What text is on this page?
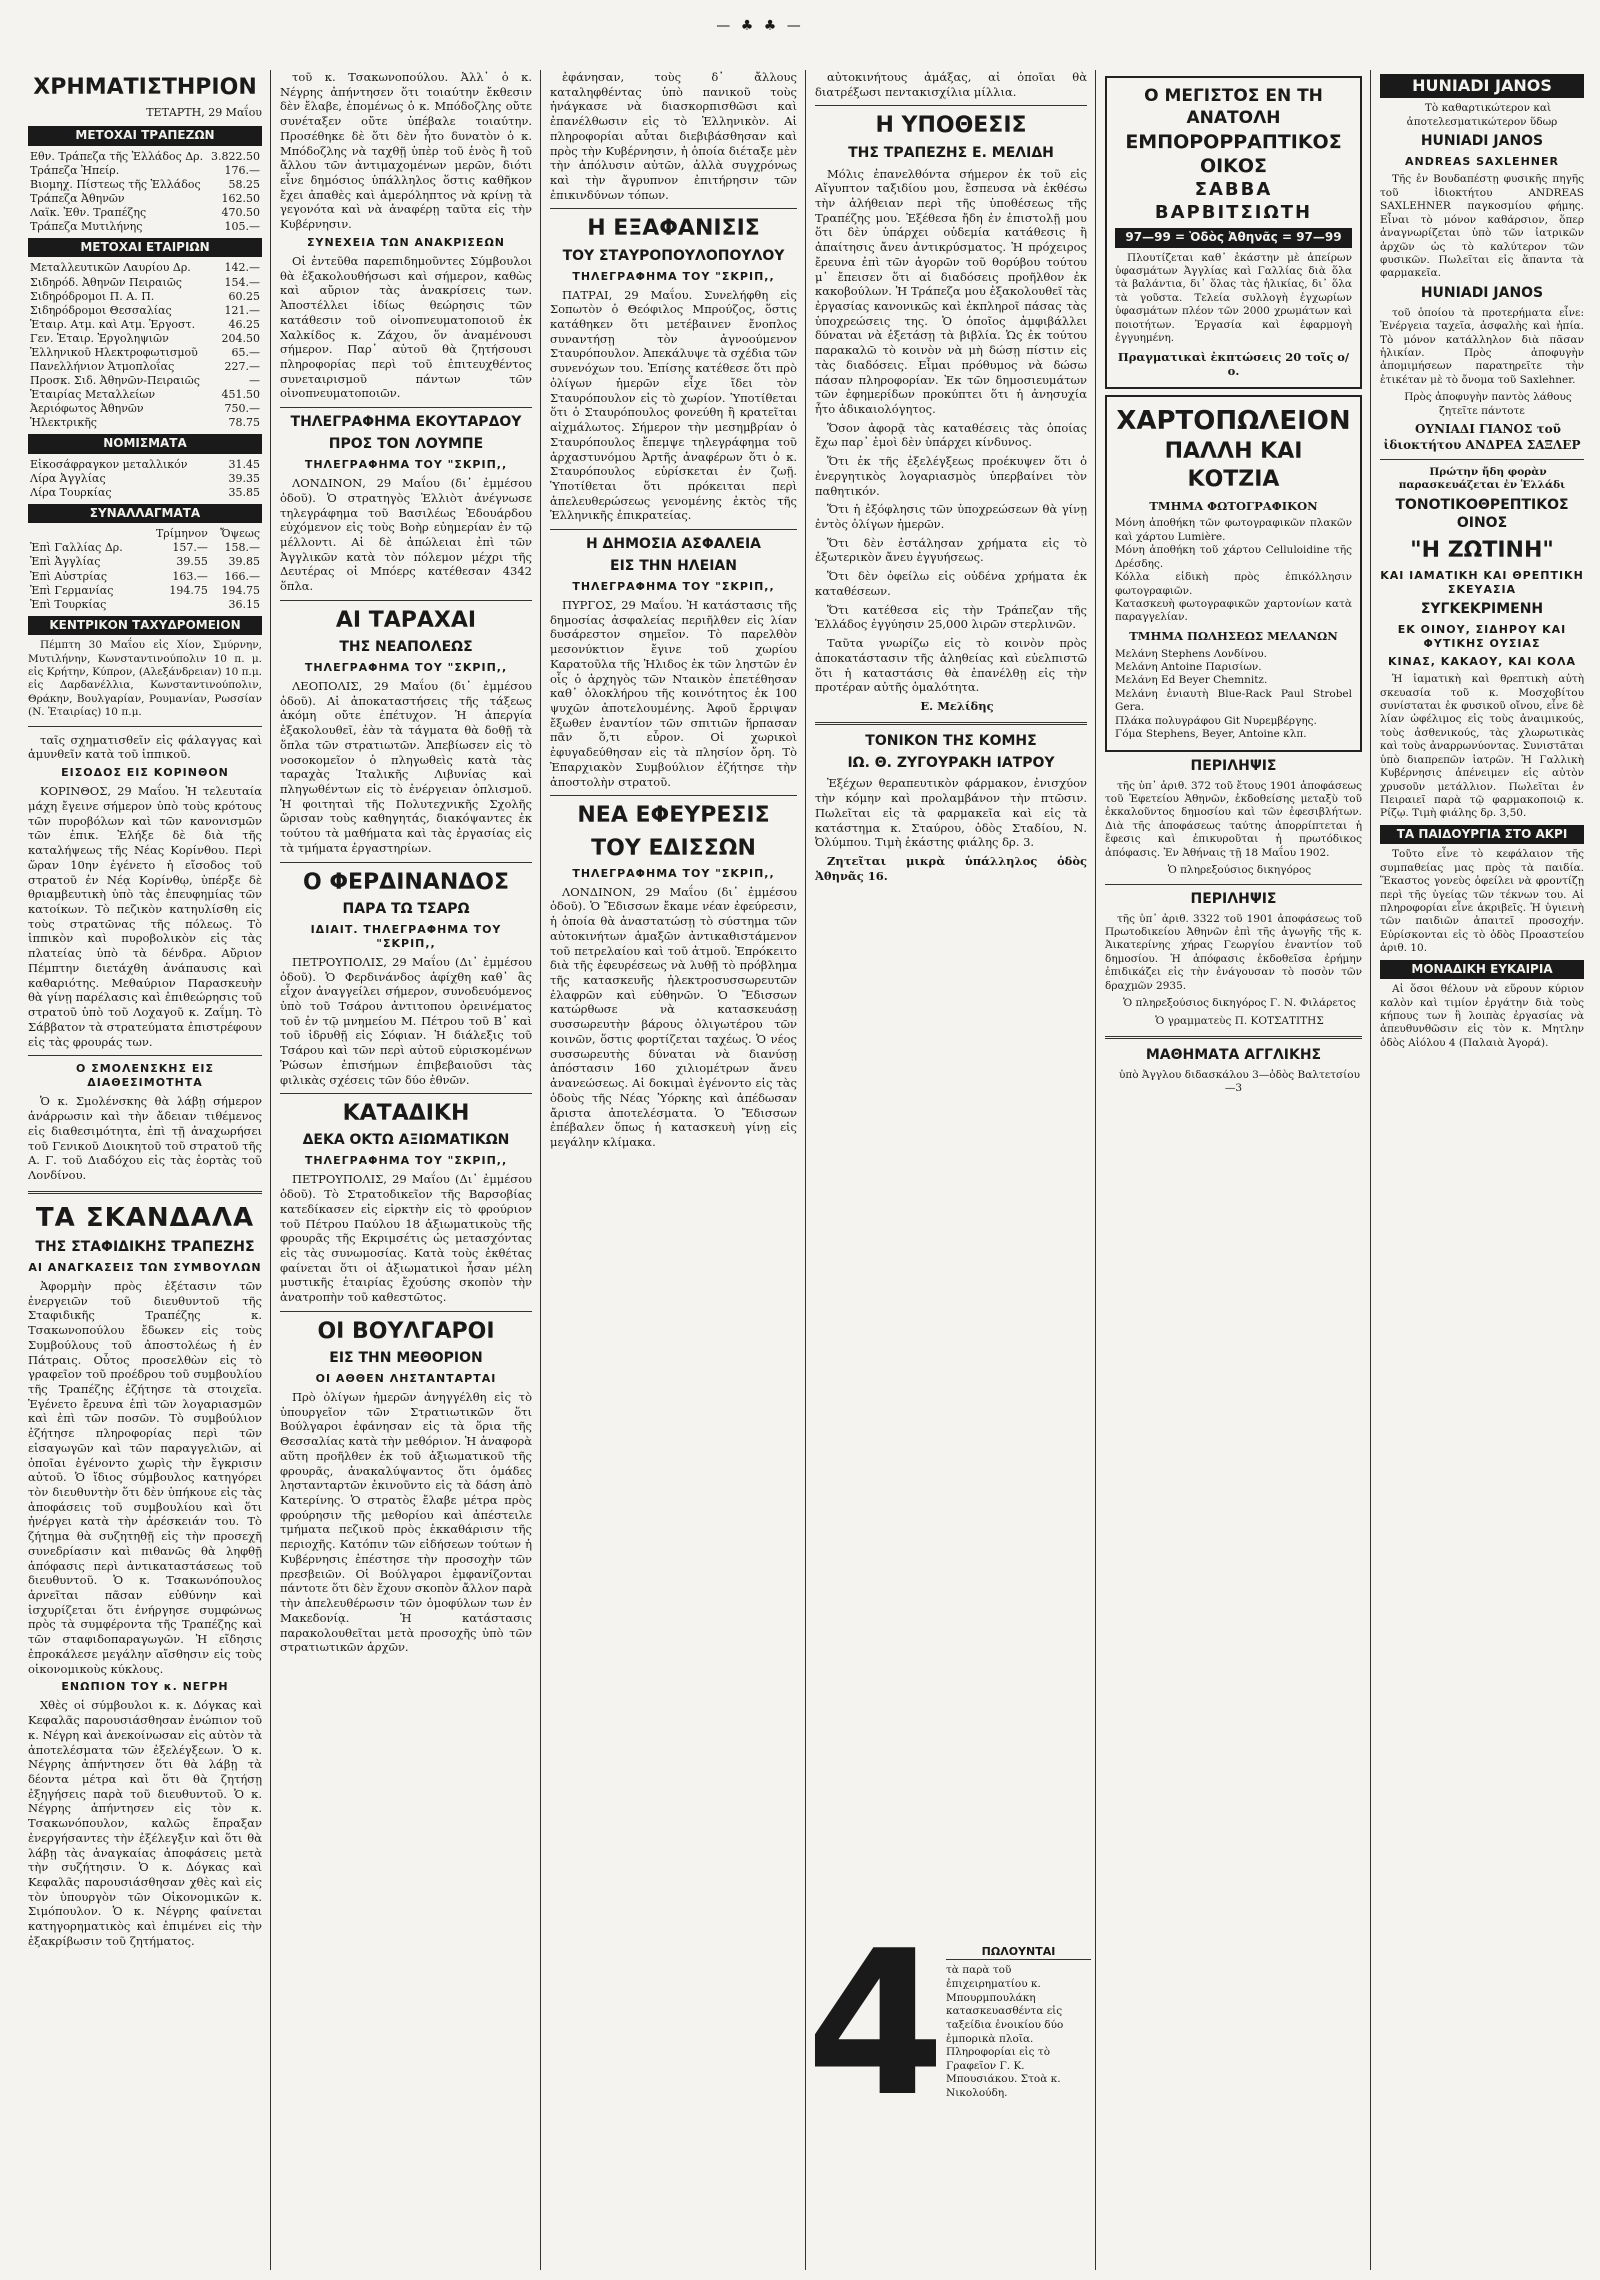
— ♣ ♣ —
ΧΡΗΜΑΤΙΣΤΗΡΙΟΝ
ΤΕΤΑΡΤΗ, 29 Μαΐου
ΜΕΤΟΧΑΙ ΤΡΑΠΕΖΩΝ
Εθν. Τράπεζα τῆς Ἑλλάδος Δρ.	3.822.50
Τράπεζα Ἠπείρ.	176.—
Βιομηχ. Πίστεως τῆς Ἑλλάδος	58.25
Τράπεζα Ἀθηνῶν	162.50
Λαϊκ. Ἐθν. Τραπέζης	470.50
Τράπεζα Μυτιλήνης	105.—
ΜΕΤΟΧΑΙ ΕΤΑΙΡΙΩΝ
Μεταλλευτικῶν Λαυρίου Δρ.	142.—
Σιδηρόδ. Ἀθηνῶν Πειραιῶς	154.—
Σιδηρόδρομοι Π. Α. Π.	60.25
Σιδηρόδρομοι Θεσσαλίας	121.—
Ἑταιρ. Ατμ. καὶ Ατμ. Ἐργοστ.	46.25
Γεν. Ἑταιρ. Ἐργοληψιῶν	204.50
Ἑλληνικοῦ Ηλεκτροφωτισμοῦ	65.—
Πανελλήνιον Ἀτμοπλοΐας	227.—
Προσκ. Σιδ. Ἀθηνῶν-Πειραιῶς	—
Ἑταιρίας Μεταλλείων	451.50
Ἀεριόφωτος Ἀθηνῶν	750.—
Ἡλεκτρικῆς	78.75
ΝΟΜΙΣΜΑΤΑ
Εἰκοσάφραγκον μεταλλικόν	31.45
Λίρα Ἀγγλίας	39.35
Λίρα Τουρκίας	35.85
ΣΥΝΑΛΛΑΓΜΑΤΑ
	Τρίμηνον	Ὄψεως
Ἐπὶ Γαλλίας Δρ.	157.—	158.—
Ἐπὶ Ἀγγλίας	39.55	39.85
Ἐπὶ Αὐστρίας	163.—	166.—
Ἐπὶ Γερμανίας	194.75	194.75
Ἐπὶ Τουρκίας		36.15
ΚΕΝΤΡΙΚΟΝ ΤΑΧΥΔΡΟΜΕΙΟΝ

Πέμπτη 30 Μαΐου εἰς Χίον, Σμύρνην, Μυτιλήνην, Κωνσταντινούπολιν 10 π. μ. εἰς Κρήτην, Κύπρον, (Αλεξάνδρειαν) 10 π.μ. εἰς Δαρδανέλλια, Κωνσταντινούπολιν, Θράκην, Βουλγαρίαν, Ρουμανίαν, Ρωσσίαν (Ν. Ἐταιρίας) 10 π.μ.

ταῖς σχηματισθεῖν εἰς φάλαγγας καὶ ἀμυνθεῖν κατὰ τοῦ ἱππικοῦ.

ΕΙΣΟΔΟΣ ΕΙΣ ΚΟΡΙΝΘΟΝ

ΚΟΡΙΝΘΟΣ, 29 Μαΐου. Ἡ τελευταία μάχη ἔγεινε σήμερον ὑπὸ τοὺς κρότους τῶν πυροβόλων καὶ τῶν κανονισμῶν τῶν ἐπικ. Ἐλήξε δὲ διὰ τῆς καταλήψεως τῆς Νέας Κορίνθου. Περὶ ὥραν 10ην ἐγένετο ἡ εἴσοδος τοῦ στρατοῦ ἐν Νέᾳ Κορίνθῳ, ὑπέρξε δὲ θριαμβευτικὴ ὑπὸ τὰς ἐπευφημίας τῶν κατοίκων. Τὸ πεζικὸν κατηυλίσθη εἰς τοὺς στρατῶνας τῆς πόλεως. Τὸ ἱππικὸν καὶ πυροβολικὸν εἰς τὰς πλατείας ὑπὸ τὰ δένδρα. Αὔριον Πέμπτην διετάχθη ἀνάπαυσις καὶ καθαριότης. Μεθαύριον Παρασκευὴν θὰ γίνῃ παρέλασις καὶ ἐπιθεώρησις τοῦ στρατοῦ ὑπὸ τοῦ Λοχαγοῦ κ. Ζαΐμη. Τὸ Σάββατον τὰ στρατεύματα ἐπιστρέφουν εἰς τὰς φρουράς των.

Ο ΣΜΟΛΕΝΣΚΗΣ ΕΙΣ ΔΙΑΘΕΣΙΜΟΤΗΤΑ

Ὁ κ. Σμολένσκης θὰ λάβῃ σήμερον ἀνάρρωσιν καὶ τὴν ἄδειαν τιθέμενος εἰς διαθεσιμότητα, ἐπὶ τῇ ἀναχωρήσει τοῦ Γενικοῦ Διοικητοῦ τοῦ στρατοῦ τῆς Α. Γ. τοῦ Διαδόχου εἰς τὰς ἑορτὰς τοῦ Λονδίνου.

ΤΑ ΣΚΑΝΔΑΛΑ
ΤΗΣ ΣΤΑΦΙΔΙΚΗΣ ΤΡΑΠΕΖΗΣ
ΑΙ ΑΝΑΓΚΑΣΕΙΣ ΤΩΝ ΣΥΜΒΟΥΛΩΝ

Ἀφορμὴν πρὸς ἐξέτασιν τῶν ἐνεργειῶν τοῦ διευθυντοῦ τῆς Σταφιδικῆς Τραπέζης κ. Τσακωνοπούλου ἔδωκεν εἰς τοὺς Συμβούλους τοῦ ἀποστολέως ἡ ἐν Πάτραις. Οὗτος προσελθὼν εἰς τὸ γραφεῖον τοῦ προέδρου τοῦ συμβουλίου τῆς Τραπέζης ἐζήτησε τὰ στοιχεῖα. Ἐγένετο ἔρευνα ἐπὶ τῶν λογαριασμῶν καὶ ἐπὶ τῶν ποσῶν. Τὸ συμβούλιον ἐζήτησε πληροφορίας περὶ τῶν εἰσαγωγῶν καὶ τῶν παραγγελιῶν, αἱ ὁποῖαι ἐγένοντο χωρὶς τὴν ἔγκρισιν αὐτοῦ. Ὁ ἴδιος σύμβουλος κατηγόρει τὸν διευθυντὴν ὅτι δὲν ὑπήκουε εἰς τὰς ἀποφάσεις τοῦ συμβουλίου καὶ ὅτι ἠνέργει κατὰ τὴν ἀρέσκειάν του. Τὸ ζήτημα θὰ συζητηθῇ εἰς τὴν προσεχῆ συνεδρίασιν καὶ πιθανῶς θὰ ληφθῇ ἀπόφασις περὶ ἀντικαταστάσεως τοῦ διευθυντοῦ. Ὁ κ. Τσακωνόπουλος ἀρνεῖται πᾶσαν εὐθύνην καὶ ἰσχυρίζεται ὅτι ἐνήργησε συμφώνως πρὸς τὰ συμφέροντα τῆς Τραπέζης καὶ τῶν σταφιδοπαραγωγῶν. Ἡ εἴδησις ἐπροκάλεσε μεγάλην αἴσθησιν εἰς τοὺς οἰκονομικοὺς κύκλους.

ΕΝΩΠΙΟΝ ΤΟΥ κ. ΝΕΓΡΗ

Χθὲς οἱ σύμβουλοι κ. κ. Δόγκας καὶ Κεφαλᾶς παρουσιάσθησαν ἐνώπιον τοῦ κ. Νέγρη καὶ ἀνεκοίνωσαν εἰς αὐτὸν τὰ ἀποτελέσματα τῶν ἐξελέγξεων. Ὁ κ. Νέγρης ἀπήντησεν ὅτι θὰ λάβῃ τὰ δέοντα μέτρα καὶ ὅτι θὰ ζητήσῃ ἐξηγήσεις παρὰ τοῦ διευθυντοῦ. Ὁ κ. Νέγρης ἀπήντησεν εἰς τὸν κ. Τσακωνόπουλον, καλῶς ἔπραξαν ἐνεργήσαντες τὴν ἐξέλεγξιν καὶ ὅτι θὰ λάβῃ τὰς ἀναγκαίας ἀποφάσεις μετὰ τὴν συζήτησιν. Ὁ κ. Δόγκας καὶ Κεφαλᾶς παρουσιάσθησαν χθὲς καὶ εἰς τὸν ὑπουργὸν τῶν Οἰκονομικῶν κ. Σιμόπουλον. Ὁ κ. Νέγρης φαίνεται κατηγορηματικὸς καὶ ἐπιμένει εἰς τὴν ἐξακρίβωσιν τοῦ ζητήματος.

τοῦ κ. Τσακωνοπούλου. Ἀλλ᾽ ὁ κ. Νέγρης ἀπήντησεν ὅτι τοιαύτην ἔκθεσιν δὲν ἔλαβε, ἑπομένως ὁ κ. Μπόδοζλης οὔτε συνέταξεν οὔτε ὑπέβαλε τοιαύτην. Προσέθηκε δὲ ὅτι δὲν ἦτο δυνατὸν ὁ κ. Μπόδοζλης νὰ ταχθῇ ὑπὲρ τοῦ ἑνὸς ἢ τοῦ ἄλλου τῶν ἀντιμαχομένων μερῶν, διότι εἶνε δημόσιος ὑπάλληλος ὅστις καθῆκον ἔχει ἀπαθὲς καὶ ἀμερόληπτος νὰ κρίνῃ τὰ γεγονότα καὶ νὰ ἀναφέρῃ ταῦτα εἰς τὴν Κυβέρνησιν.

ΣΥΝΕΧΕΙΑ ΤΩΝ ΑΝΑΚΡΙΣΕΩΝ

Οἱ ἐντεῦθα παρεπιδημοῦντες Σύμβουλοι θὰ ἐξακολουθήσωσι καὶ σήμερον, καθὼς καὶ αὔριον τὰς ἀνακρίσεις των. Ἀποστέλλει ἰδίως θεώρησις τῶν κατάθεσιν τοῦ οἰνοπνευματοποιοῦ ἐκ Χαλκίδος κ. Ζάχου, ὅν ἀναμένουσι σήμερον. Παρ᾽ αὐτοῦ θὰ ζητήσουσι πληροφορίας περὶ τοῦ ἐπιτευχθέντος συνεταιρισμοῦ πάντων τῶν οἰνοπνευματοποιῶν.

ΤΗΛΕΓΡΑΦΗΜΑ ΕΚΟΥΤΑΡΔΟΥ
ΠΡΟΣ ΤΟΝ ΛΟΥΜΠΕ
ΤΗΛΕΓΡΑΦΗΜΑ ΤΟΥ "ΣΚΡΙΠ,,

ΛΟΝΔΙΝΟΝ, 29 Μαΐου (δι᾽ ἐμμέσου ὁδοῦ). Ὁ στρατηγὸς Ἐλλιὸτ ἀνέγνωσε τηλεγράφημα τοῦ Βασιλέως Ἐδουάρδου εὐχόμενον εἰς τοὺς Βοὴρ εὐημερίαν ἐν τῷ μέλλοντι. Αἱ δὲ ἀπώλειαι ἐπὶ τῶν Ἀγγλικῶν κατὰ τὸν πόλεμον μέχρι τῆς Δευτέρας οἱ Μπόερς κατέθεσαν 4342 ὅπλα.

ΑΙ ΤΑΡΑΧΑΙ
ΤΗΣ ΝΕΑΠΟΛΕΩΣ
ΤΗΛΕΓΡΑΦΗΜΑ ΤΟΥ "ΣΚΡΙΠ,,

ΛΕΟΠΟΛΙΣ, 29 Μαΐου (δι᾽ ἐμμέσου ὁδοῦ). Αἱ ἀποκαταστήσεις τῆς τάξεως ἀκόμη οὔτε ἐπέτυχον. Ἡ ἀπεργία ἐξακολουθεῖ, ἐὰν τὰ τάγματα θὰ δοθῇ τὰ ὅπλα τῶν στρατιωτῶν. Ἀπεβίωσεν εἰς τὸ νοσοκομεῖον ὁ πληγωθεὶς κατὰ τὰς ταραχὰς Ἰταλικῆς Λιβυνίας καὶ πληγωθέντων εἰς τὸ ἐνέργειαν ὁπλισμοῦ. Ἡ φοιτηταὶ τῆς Πολυτεχνικῆς Σχολῆς ὥρισαν τοὺς καθηγητάς, διακόψαντες ἐκ τούτου τὰ μαθήματα καὶ τὰς ἐργασίας εἰς τὰ τμήματα ἐργαστηρίων.

Ο ΦΕΡΔΙΝΑΝΔΟΣ
ΠΑΡΑ ΤΩ ΤΣΑΡΩ
ΙΔΙΑΙΤ. ΤΗΛΕΓΡΑΦΗΜΑ ΤΟΥ "ΣΚΡΙΠ,,

ΠΕΤΡΟΥΠΟΛΙΣ, 29 Μαΐου (Δι᾽ ἐμμέσου ὁδοῦ). Ὁ Φερδινάνδος ἀφίχθη καθ᾽ ἃς εἶχον ἀναγγείλει σήμερον, συνοδευόμενος ὑπὸ τοῦ Τσάρου ἀντιτοπου ὀρεινέματος τοῦ ἐν τῷ μνημείου Μ. Πέτρου τοῦ Β᾽ καὶ τοῦ ἱδρυθῇ εἰς Σόφιαν. Ἡ διάλεξις τοῦ Τσάρου καὶ τῶν περὶ αὐτοῦ εὑρισκομένων Ῥώσων ἐπισήμων ἐπιβεβαιοῦσι τὰς φιλικὰς σχέσεις τῶν δύο ἐθνῶν.

ΚΑΤΑΔΙΚΗ
ΔΕΚΑ ΟΚΤΩ ΑΞΙΩΜΑΤΙΚΩΝ
ΤΗΛΕΓΡΑΦΗΜΑ ΤΟΥ "ΣΚΡΙΠ,,

ΠΕΤΡΟΥΠΟΛΙΣ, 29 Μαΐου (Δι᾽ ἐμμέσου ὁδοῦ). Τὸ Στρατοδικεῖον τῆς Βαρσοβίας κατεδίκασεν εἰς εἰρκτὴν εἰς τὸ φρούριον τοῦ Πέτρου Παύλου 18 ἀξιωματικοὺς τῆς φρουρᾶς τῆς Εκριμσέτις ὡς μετασχόντας εἰς τὰς συνωμοσίας. Κατὰ τοὺς ἐκθέτας φαίνεται ὅτι οἱ ἀξιωματικοὶ ἦσαν μέλη μυστικῆς ἑταιρίας ἔχούσης σκοπὸν τὴν ἀνατροπὴν τοῦ καθεστῶτος.

ΟΙ ΒΟΥΛΓΑΡΟΙ
ΕΙΣ ΤΗΝ ΜΕΘΟΡΙΟΝ
ΟΙ ΑΘΘΕΝ ΛΗΣΤΑΝΤΑΡΤΑΙ

Πρὸ ὀλίγων ἡμερῶν ἀνηγγέλθη εἰς τὸ ὑπουργεῖον τῶν Στρατιωτικῶν ὅτι Βούλγαροι ἐφάνησαν εἰς τὰ ὅρια τῆς Θεσσαλίας κατὰ τὴν μεθόριον. Ἡ ἀναφορὰ αὕτη προῆλθεν ἐκ τοῦ ἀξιωματικοῦ τῆς φρουρᾶς, ἀνακαλύψαντος ὅτι ὁμάδες ληστανταρτῶν ἐκινοῦντο εἰς τὰ δάση ἀπὸ Κατερίνης. Ὁ στρατὸς ἔλαβε μέτρα πρὸς φρούρησιν τῆς μεθορίου καὶ ἀπέστειλε τμήματα πεζικοῦ πρὸς ἐκκαθάρισιν τῆς περιοχῆς. Κατόπιν τῶν εἰδήσεων τούτων ἡ Κυβέρνησις ἐπέστησε τὴν προσοχὴν τῶν πρεσβειῶν. Οἱ Βούλγαροι ἐμφανίζονται πάντοτε ὅτι δὲν ἔχουν σκοπὸν ἄλλον παρὰ τὴν ἀπελευθέρωσιν τῶν ὁμοφύλων των ἐν Μακεδονίᾳ. Ἡ κατάστασις παρακολουθεῖται μετὰ προσοχῆς ὑπὸ τῶν στρατιωτικῶν ἀρχῶν.

ἐφάνησαν, τοὺς δ᾽ ἄλλους καταληφθέντας ὑπὸ πανικοῦ τοὺς ἠνάγκασε νὰ διασκορπισθῶσι καὶ ἐπανέλθωσιν εἰς τὸ Ἑλληνικὸν. Αἱ πληροφορίαι αὗται διεβιβάσθησαν καὶ πρὸς τὴν Κυβέρνησιν, ἡ ὁποία διέταξε μὲν τὴν ἀπόλυσιν αὐτῶν, ἀλλὰ συγχρόνως καὶ τὴν ἄγρυπνον ἐπιτήρησιν τῶν ἐπικινδύνων τόπων.

Η ΕΞΑΦΑΝΙΣΙΣ
ΤΟΥ ΣΤΑΥΡΟΠΟΥΛΟΠΟΥΛΟΥ
ΤΗΛΕΓΡΑΦΗΜΑ ΤΟΥ "ΣΚΡΙΠ,,

ΠΑΤΡΑΙ, 29 Μαΐου. Συνελήφθη εἰς Σοπωτὸν ὁ Θεόφιλος Μπρούζος, ὅστις κατάθηκεν ὅτι μετέβαινεν ἔνοπλος συναντήσῃ τὸν ἀγνοούμενον Σταυρόπουλον. Ἀπεκάλυψε τὰ σχέδια τῶν συνενόχων του. Ἐπίσης κατέθεσε ὅτι πρὸ ὀλίγων ἡμερῶν εἶχε ἴδει τὸν Σταυρόπουλον εἰς τὸ χωρίον. Ὑποτίθεται ὅτι ὁ Σταυρόπουλος φονεύθη ἢ κρατεῖται αἰχμάλωτος. Σήμερον τὴν μεσημβρίαν ὁ Σταυρόπουλος ἔπεμψε τηλεγράφημα τοῦ ἀρχαστυνόμου Ἀρτῆς ἀναφέρων ὅτι ὁ κ. Σταυρόπουλος εὑρίσκεται ἐν ζωῇ. Ὑποτίθεται ὅτι πρόκειται περὶ ἀπελευθερώσεως γενομένης ἐκτὸς τῆς Ἑλληνικῆς ἐπικρατείας.

Η ΔΗΜΟΣΙΑ ΑΣΦΑΛΕΙΑ
ΕΙΣ ΤΗΝ ΗΛΕΙΑΝ
ΤΗΛΕΓΡΑΦΗΜΑ ΤΟΥ "ΣΚΡΙΠ,,

ΠΥΡΓΟΣ, 29 Μαΐου. Ἡ κατάστασις τῆς δημοσίας ἀσφαλείας περιῆλθεν εἰς λίαν δυσάρεστον σημεῖον. Τὸ παρελθὸν μεσονύκτιον ἔγινε τοῦ χωρίου Καρατοῦλα τῆς Ἠλιδος ἐκ τῶν ληστῶν ἐν οἷς ὁ ἀρχηγὸς τῶν Νταικὸν ἐπετέθησαν καθ᾽ ὁλοκλήρου τῆς κοινότητος ἐκ 100 ψυχῶν ἀποτελουμένης. Ἀφοῦ ἔρριψαν ἔξωθεν ἐναντίον τῶν σπιτιῶν ἥρπασαν πᾶν ὅ,τι εὗρον. Οἱ χωρικοὶ ἐφυγαδεύθησαν εἰς τὰ πλησίον ὄρη. Τὸ Ἐπαρχιακὸν Συμβούλιον ἐζήτησε τὴν ἀποστολὴν στρατοῦ.

ΝΕΑ ΕΦΕΥΡΕΣΙΣ
ΤΟΥ ΕΔΙΣΣΩΝ
ΤΗΛΕΓΡΑΦΗΜΑ ΤΟΥ "ΣΚΡΙΠ,,

ΛΟΝΔΙΝΟΝ, 29 Μαΐου (δι᾽ ἐμμέσου ὁδοῦ). Ὁ Ἔδισσων ἔκαμε νέαν ἐφεύρεσιν, ἡ ὁποία θὰ ἀναστατώσῃ τὸ σύστημα τῶν αὐτοκινήτων ἁμαξῶν ἀντικαθιστάμενον τοῦ πετρελαίου καὶ τοῦ ἀτμοῦ. Ἐπρόκειτο διὰ τῆς ἐφευρέσεως νὰ λυθῇ τὸ πρόβλημα τῆς κατασκευῆς ἠλεκτροσυσσωρευτῶν ἐλαφρῶν καὶ εὐθηνῶν. Ὁ Ἔδισσων κατώρθωσε νὰ κατασκευάσῃ συσσωρευτὴν βάρους ὀλιγωτέρου τῶν κοινῶν, ὅστις φορτίζεται ταχέως. Ὁ νέος συσσωρευτὴς δύναται νὰ διανύσῃ ἀπόστασιν 160 χιλιομέτρων ἄνευ ἀνανεώσεως. Αἱ δοκιμαὶ ἐγένοντο εἰς τὰς ὁδοὺς τῆς Νέας Ὑόρκης καὶ ἀπέδωσαν ἄριστα ἀποτελέσματα. Ὁ Ἔδισσων ἐπέβαλεν ὅπως ἡ κατασκευὴ γίνῃ εἰς μεγάλην κλίμακα.

αὐτοκινήτους ἁμάξας, αἱ ὁποῖαι θὰ διατρέξωσι πεντακισχίλια μίλλια.

Η ΥΠΟΘΕΣΙΣ
ΤΗΣ ΤΡΑΠΕΖΗΣ Ε. ΜΕΛΙΔΗ

Μόλις ἐπανελθόντα σήμερον ἐκ τοῦ εἰς Αἴγυπτον ταξιδίου μου, ἔσπευσα νὰ ἐκθέσω τὴν ἀλήθειαν περὶ τῆς ὑποθέσεως τῆς Τραπέζης μου. Ἐξέθεσα ἤδη ἐν ἐπιστολῇ μου ὅτι δὲν ὑπάρχει οὐδεμία κατάθεσις ἢ ἀπαίτησις ἄνευ ἀντικρύσματος. Ἡ πρόχειρος ἔρευνα ἐπὶ τῶν ἀγορῶν τοῦ θορύβου τούτου μ᾽ ἔπεισεν ὅτι αἱ διαδόσεις προῆλθον ἐκ κακοβούλων. Ἡ Τράπεζα μου ἐξακολουθεῖ τὰς ἐργασίας κανονικῶς καὶ ἐκπληροῖ πάσας τὰς ὑποχρεώσεις της. Ὁ ὁποῖος ἀμφιβάλλει δύναται νὰ ἐξετάσῃ τὰ βιβλία. Ὡς ἐκ τούτου παρακαλῶ τὸ κοινὸν νὰ μὴ δώσῃ πίστιν εἰς τὰς διαδόσεις. Εἶμαι πρόθυμος νὰ δώσω πάσαν πληροφορίαν. Ἐκ τῶν δημοσιευμάτων τῶν ἐφημερίδων προκύπτει ὅτι ἡ ἀνησυχία ἦτο ἀδικαιολόγητος.

Ὅσον ἀφορᾷ τὰς καταθέσεις τὰς ὁποίας ἔχω παρ᾽ ἐμοὶ δὲν ὑπάρχει κίνδυνος.

Ὅτι ἐκ τῆς ἐξελέγξεως προέκυψεν ὅτι ὁ ἐνεργητικὸς λογαριασμὸς ὑπερβαίνει τὸν παθητικόν.

Ὅτι ἡ ἐξόφλησις τῶν ὑποχρεώσεων θὰ γίνῃ ἐντὸς ὀλίγων ἡμερῶν.

Ὅτι δὲν ἐστάλησαν χρήματα εἰς τὸ ἐξωτερικὸν ἄνευ ἐγγυήσεως.

Ὅτι δὲν ὀφείλω εἰς οὐδένα χρήματα ἐκ καταθέσεων.

Ὅτι κατέθεσα εἰς τὴν Τράπεζαν τῆς Ἑλλάδος ἐγγύησιν 25,000 λιρῶν στερλινῶν.

Ταῦτα γνωρίζω εἰς τὸ κοινὸν πρὸς ἀποκατάστασιν τῆς ἀληθείας καὶ εὐελπιστῶ ὅτι ἡ καταστάσις θὰ ἐπανέλθῃ εἰς τὴν προτέραν αὐτῆς ὁμαλότητα.

Ε. Μελίδης

ΤΟΝΙΚΟΝ ΤΗΣ ΚΟΜΗΣ
ΙΩ. Θ. ΖΥΓΟΥΡΑΚΗ ΙΑΤΡΟΥ

Ἐξέχων θεραπευτικὸν φάρμακον, ἐνισχύον τὴν κόμην καὶ προλαμβάνον τὴν πτῶσιν. Πωλεῖται εἰς τὰ φαρμακεῖα καὶ εἰς τὰ κατάστημα κ. Σταύρου, ὁδὸς Σταδίου, Ν. Ὀλύμπου. Τιμὴ ἑκάστης φιάλης δρ. 3.

Ζητεῖται μικρὰ ὑπάλληλος ὁδὸς Ἀθηνᾶς 16.

4	ΠΩΛΟΥΝΤΑΙ
τὰ παρὰ τοῦ ἐπιχειρηματίου κ. Μπουρμπουλάκη κατασκευασθέντα εἰς ταξείδια ἐνοικίου δύο ἐμπορικὰ πλοῖα. Πληροφορίαι εἰς τὸ Γραφεῖον Γ. Κ. Μπουσιάκου. Στοὰ κ. Νικολούδη.
Ο ΜΕΓΙΣΤΟΣ ΕΝ ΤΗ ΑΝΑΤΟΛΗ
ΕΜΠΟΡΟΡΡΑΠΤΙΚΟΣ ΟΙΚΟΣ
ΣΑΒΒΑ ΒΑΡΒΙΤΣΙΩΤΗ
97—99 = Ὁδὸς Ἀθηνᾶς = 97—99

Πλουτίζεται καθ᾽ ἑκάστην μὲ ἀπείρων ὑφασμάτων Ἀγγλίας καὶ Γαλλίας διὰ ὅλα τὰ βαλάντια, δι᾽ ὅλας τὰς ἡλικίας, δι᾽ ὅλα τὰ γοῦστα. Τελεία συλλογὴ ἐγχωρίων ὑφασμάτων πλέον τῶν 2000 χρωμάτων καὶ ποιοτήτων. Ἐργασία καὶ ἐφαρμογὴ ἐγγυημένη.

Πραγματικαὶ ἐκπτώσεις 20 τοῖς ο/ο.
ΧΑΡΤΟΠΩΛΕΙΟΝ
ΠΑΛΛΗ ΚΑΙ ΚΟΤΖΙΑ
ΤΜΗΜΑ ΦΩΤΟΓΡΑΦΙΚΟΝ
Μόνη ἀποθήκη τῶν φωτογραφικῶν πλακῶν καὶ χάρτου Lumière.
Μόνη ἀποθήκη τοῦ χάρτου Celluloidine τῆς Δρέσδης.
Κόλλα εἰδικὴ πρὸς ἐπικόλλησιν φωτογραφιῶν.
Κατασκευὴ φωτογραφικῶν χαρτονίων κατὰ παραγγελίαν.
ΤΜΗΜΑ ΠΩΛΗΣΕΩΣ ΜΕΛΑΝΩΝ
Μελάνη Stephens Λονδίνου.
Μελάνη Antoine Παρισίων.
Μελάνη Ed Beyer Chemnitz.
Μελάνη ἐνιαυτὴ Blue-Rack Paul Strobel Gera.
Πλάκα πολυγράφου Git Νυρεμβέργης.
Γόμα Stephens, Beyer, Antoine κλπ.
ΠΕΡΙΛΗΨΙΣ

τῆς ὑπ᾽ ἀριθ. 372 τοῦ ἔτους 1901 ἀποφάσεως τοῦ Ἐφετείου Ἀθηνῶν, ἐκδοθείσης μεταξὺ τοῦ ἐκκαλοῦντος δημοσίου καὶ τῶν ἐφεσιβλήτων. Διὰ τῆς ἀποφάσεως ταύτης ἀπορρίπτεται ἡ ἔφεσις καὶ ἐπικυροῦται ἡ πρωτόδικος ἀπόφασις. Ἐν Ἀθήναις τῇ 18 Μαΐου 1902.

Ὁ πληρεξούσιος δικηγόρος

ΠΕΡΙΛΗΨΙΣ

τῆς ὑπ᾽ ἀριθ. 3322 τοῦ 1901 ἀποφάσεως τοῦ Πρωτοδικείου Ἀθηνῶν ἐπὶ τῆς ἀγωγῆς τῆς κ. Ἀικατερίνης χήρας Γεωργίου ἐναντίον τοῦ δημοσίου. Ἡ ἀπόφασις ἐκδοθεῖσα ἐρήμην ἐπιδικάζει εἰς τὴν ἐνάγουσαν τὸ ποσὸν τῶν δραχμῶν 2935.

Ὁ πληρεξούσιος δικηγόρος Γ. Ν. Φιλάρετος

Ὁ γραμματεὺς Π. ΚΟΤΣΑΤΙΤΗΣ

ΜΑΘΗΜΑΤΑ ΑΓΓΛΙΚΗΣ

ὑπὸ Ἀγγλου διδασκάλου 3—ὁδὸς Βαλτετσίου—3

HUNIADI JANOS

Τὸ καθαρτικώτερον καὶ ἀποτελεσματικώτερον ὕδωρ

HUNIADI JANOS
ANDREAS SAXLEHNER

Τῆς ἐν Βουδαπέστῃ φυσικῆς πηγῆς τοῦ ἰδιοκτήτου ANDREAS SAXLEHNER παγκοσμίου φήμης. Εἶναι τὸ μόνον καθάρσιον, ὅπερ ἀναγνωρίζεται ὑπὸ τῶν ἰατρικῶν ἀρχῶν ὡς τὸ καλύτερον τῶν φυσικῶν. Πωλεῖται εἰς ἅπαντα τὰ φαρμακεῖα.

HUNIADI JANOS

τοῦ ὁποίου τὰ προτερήματα εἶνε: Ἐνέργεια ταχεῖα, ἀσφαλὴς καὶ ἠπία. Τὸ μόνον κατάλληλον διὰ πᾶσαν ἡλικίαν. Πρὸς ἀποφυγὴν ἀπομιμήσεων παρατηρεῖτε τὴν ἐτικέταν μὲ τὸ ὄνομα τοῦ Saxlehner.

Πρὸς ἀποφυγὴν παντὸς λάθους ζητεῖτε πάντοτε

ΟΥΝΙΑΔΙ ΓΙΑΝΟΣ τοῦ ἰδιοκτήτου ΑΝΔΡΕΑ ΣΑΞΛΕΡ

Πρώτην ἤδη φορὰν παρασκευάζεται ἐν Ἑλλάδι

ΤΟΝΟΤΙΚΟΘΡΕΠΤΙΚΟΣ ΟΙΝΟΣ
"Η ΖΩΤΙΝΗ"
ΚΑΙ ΙΑΜΑΤΙΚΗ ΚΑΙ ΘΡΕΠΤΙΚΗ ΣΚΕΥΑΣΙΑ
ΣΥΓΚΕΚΡΙΜΕΝΗ
ΕΚ ΟΙΝΟΥ, ΣΙΔΗΡΟΥ ΚΑΙ ΦΥΤΙΚΗΣ ΟΥΣΙΑΣ
ΚΙΝΑΣ, ΚΑΚΑΟΥ, ΚΑΙ ΚΟΛΑ

Ἡ ἰαματικὴ καὶ θρεπτικὴ αὐτὴ σκευασία τοῦ κ. Μοσχοβίτου συνίσταται ἐκ φυσικοῦ οἴνου, εἶνε δὲ λίαν ὠφέλιμος εἰς τοὺς ἀναιμικούς, τοὺς ἀσθενικούς, τὰς χλωρωτικὰς καὶ τοὺς ἀναρρωνύοντας. Συνιστᾶται ὑπὸ διαπρεπῶν ἰατρῶν. Ἡ Γαλλικὴ Κυβέρνησις ἀπένειμεν εἰς αὐτὸν χρυσοῦν μετάλλιον. Πωλεῖται ἐν Πειραιεῖ παρὰ τῷ φαρμακοποιῷ κ. Ρίζῳ. Τιμὴ φιάλης δρ. 3,50.

ΤΑ ΠΑΙΔΟΥΡΓΙΑ ΣΤΟ ΑΚΡΙ

Τοῦτο εἶνε τὸ κεφάλαιον τῆς συμπαθείας μας πρὸς τὰ παιδία. Ἕκαστος γονεὺς ὀφείλει νὰ φροντίζῃ περὶ τῆς ὑγείας τῶν τέκνων του. Αἱ πληροφορίαι εἶνε ἀκριβεῖς. Ἡ ὑγιεινὴ τῶν παιδιῶν ἀπαιτεῖ προσοχήν. Εὑρίσκονται εἰς τὸ ὁδὸς Προαστείου ἀριθ. 10.

ΜΟΝΑΔΙΚΗ ΕΥΚΑΙΡΙΑ

Αἱ ὅσοι θέλουν νὰ εὕρουν κύριον καλὸν καὶ τιμίον ἐργάτην διὰ τοὺς κήπους των ἢ λοιπὰς ἐργασίας νὰ ἀπευθυνθῶσιν εἰς τὸν κ. Μητλην ὁδὸς Αἰόλου 4 (Παλαιὰ Ἀγορά).
